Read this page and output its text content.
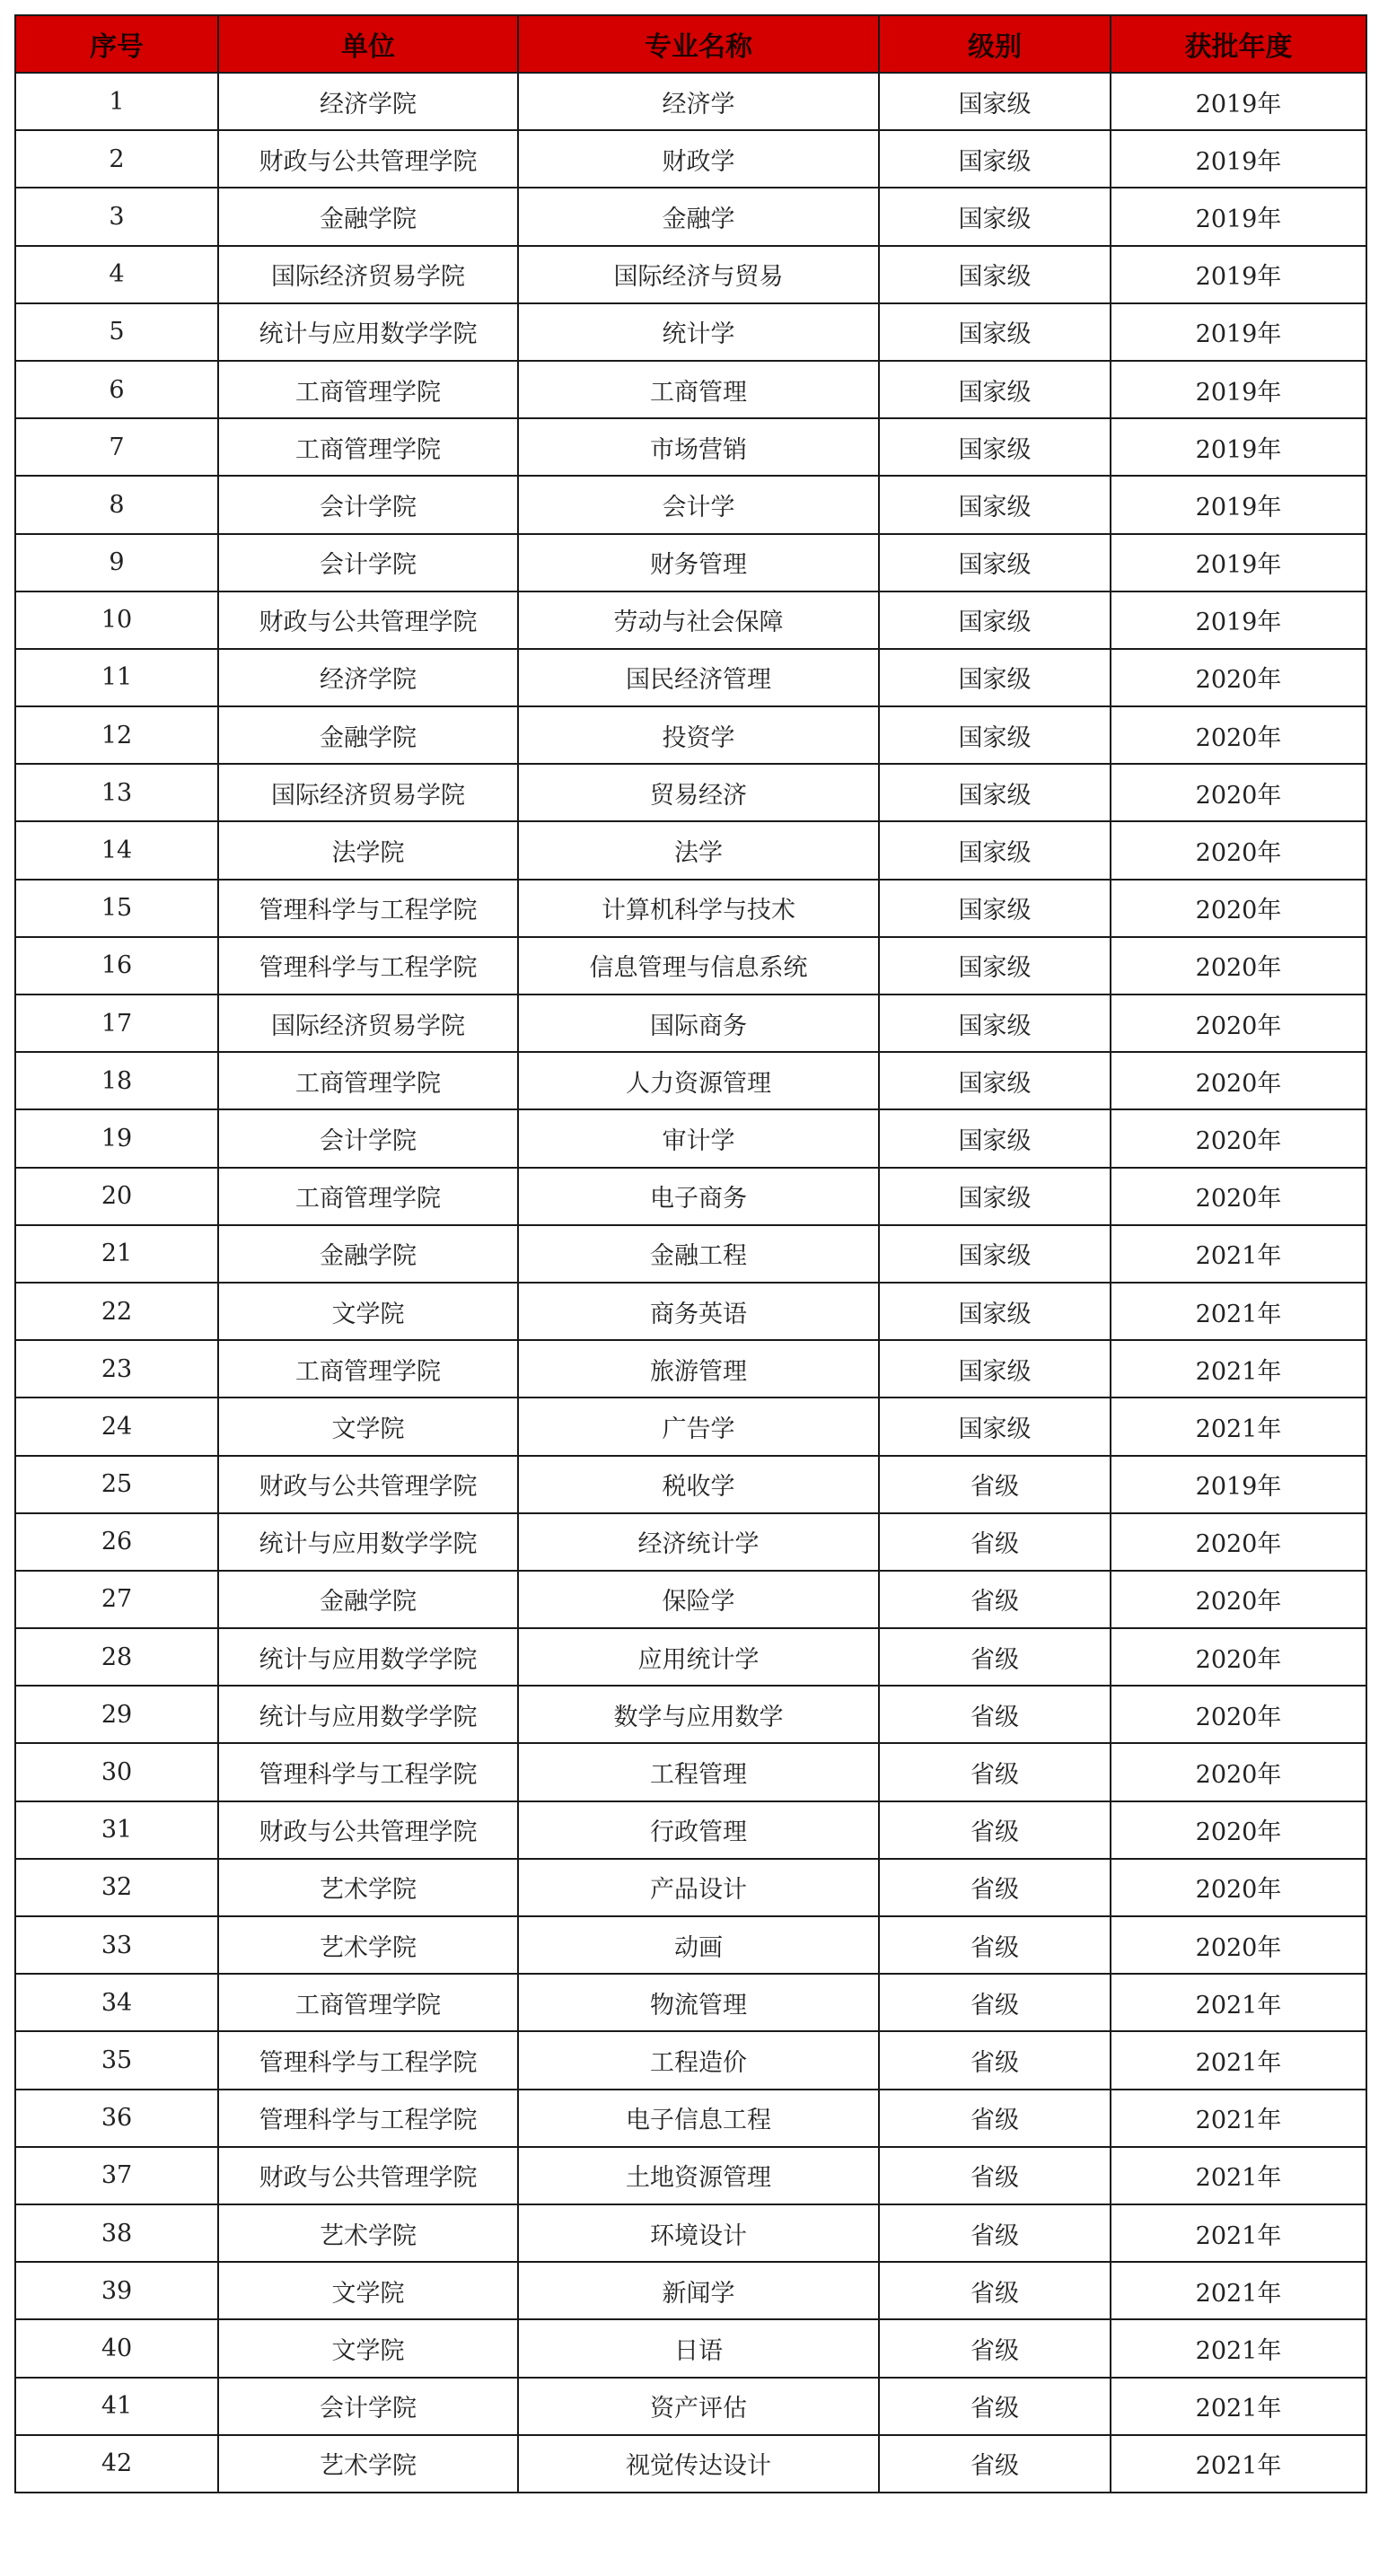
序号	单位	专业名称	级别	获批年度
1	经济学院	经济学	国家级	2019年
2	财政与公共管理学院	财政学	国家级	2019年
3	金融学院	金融学	国家级	2019年
4	国际经济贸易学院	国际经济与贸易	国家级	2019年
5	统计与应用数学学院	统计学	国家级	2019年
6	工商管理学院	工商管理	国家级	2019年
7	工商管理学院	市场营销	国家级	2019年
8	会计学院	会计学	国家级	2019年
9	会计学院	财务管理	国家级	2019年
10	财政与公共管理学院	劳动与社会保障	国家级	2019年
11	经济学院	国民经济管理	国家级	2020年
12	金融学院	投资学	国家级	2020年
13	国际经济贸易学院	贸易经济	国家级	2020年
14	法学院	法学	国家级	2020年
15	管理科学与工程学院	计算机科学与技术	国家级	2020年
16	管理科学与工程学院	信息管理与信息系统	国家级	2020年
17	国际经济贸易学院	国际商务	国家级	2020年
18	工商管理学院	人力资源管理	国家级	2020年
19	会计学院	审计学	国家级	2020年
20	工商管理学院	电子商务	国家级	2020年
21	金融学院	金融工程	国家级	2021年
22	文学院	商务英语	国家级	2021年
23	工商管理学院	旅游管理	国家级	2021年
24	文学院	广告学	国家级	2021年
25	财政与公共管理学院	税收学	省级	2019年
26	统计与应用数学学院	经济统计学	省级	2020年
27	金融学院	保险学	省级	2020年
28	统计与应用数学学院	应用统计学	省级	2020年
29	统计与应用数学学院	数学与应用数学	省级	2020年
30	管理科学与工程学院	工程管理	省级	2020年
31	财政与公共管理学院	行政管理	省级	2020年
32	艺术学院	产品设计	省级	2020年
33	艺术学院	动画	省级	2020年
34	工商管理学院	物流管理	省级	2021年
35	管理科学与工程学院	工程造价	省级	2021年
36	管理科学与工程学院	电子信息工程	省级	2021年
37	财政与公共管理学院	土地资源管理	省级	2021年
38	艺术学院	环境设计	省级	2021年
39	文学院	新闻学	省级	2021年
40	文学院	日语	省级	2021年
41	会计学院	资产评估	省级	2021年
42	艺术学院	视觉传达设计	省级	2021年
